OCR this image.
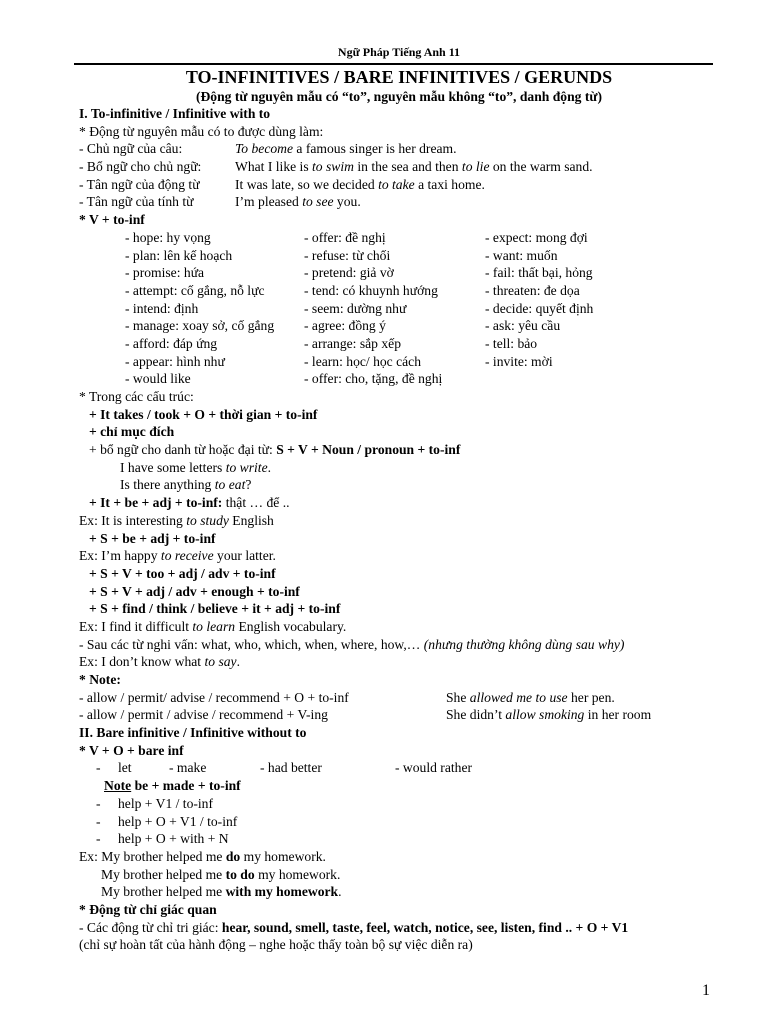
Ngữ Pháp Tiếng Anh 11
TO-INFINITIVES / BARE INFINITIVES / GERUNDS
(Động từ nguyên mẫu có “to”, nguyên mẫu không “to”, danh động từ)
I. To-infinitive / Infinitive with to
* Động từ nguyên mẫu có to được dùng làm:
- Chủ ngữ của câu:	To become a famous singer is her dream.
- Bổ ngữ cho chủ ngữ: What I like is to swim in the sea and then to lie on the warm sand.
- Tân ngữ của động từ	It was late, so we decided to take a taxi home.
- Tân ngữ của tính từ	I’m pleased to see you.
* V + to-inf
- hope: hy vọng	- offer: đề nghị	- expect: mong đợi
- plan: lên kế hoạch	- refuse: từ chối	- want: muốn
- promise: hứa	- pretend: giả vờ	- fail: thất bại, hỏng
- attempt: cố gắng, nỗ lực	- tend: có khuynh hướng	- threaten: đe dọa
- intend: định	- seem: dường như	- decide: quyết định
- manage: xoay sở, cố gắng - agree: đồng ý	- ask: yêu cầu
- afford: đáp ứng	- arrange: sắp xếp	- tell: bảo
- appear: hình như	- learn: học/ học cách	- invite: mời
- would like	- offer: cho, tặng, đề nghị
* Trong các cấu trúc:
+ It takes / took + O + thời gian + to-inf
+ chỉ mục đích
+ bổ ngữ cho danh từ hoặc đại từ: S + V + Noun / pronoun + to-inf
I have some letters to write.
Is there anything to eat?
+ It + be + adj + to-inf: thật … để ..
Ex: It is interesting to study English
+ S + be + adj + to-inf
Ex: I’m happy to receive your latter.
+ S + V + too + adj / adv + to-inf
+ S + V + adj / adv + enough + to-inf
+ S + find / think / believe + it + adj + to-inf
Ex: I find it difficult to learn English vocabulary.
- Sau các từ nghi vấn: what, who, which, when, where, how,… (nhưng thường không dùng sau why)
Ex: I don’t know what to say.
* Note:
- allow / permit/ advise / recommend + O + to-inf	She allowed me to use her pen.
- allow / permit / advise / recommend + V-ing	She didn’t allow smoking in her room
II. Bare infinitive / Infinitive without to
* V + O + bare inf
- let	- make	- had better	- would rather
Note be + made + to-inf
- help + V1 / to-inf
- help + O + V1 / to-inf
- help + O + with + N
Ex: My brother helped me do my homework.
My brother helped me to do my homework.
My brother helped me with my homework.
* Động từ chỉ giác quan
- Các động từ chỉ tri giác: hear, sound, smell, taste, feel, watch, notice, see, listen, find .. + O + V1
(chỉ sự hoàn tất của hành động – nghe hoặc thấy toàn bộ sự việc diễn ra)
1
